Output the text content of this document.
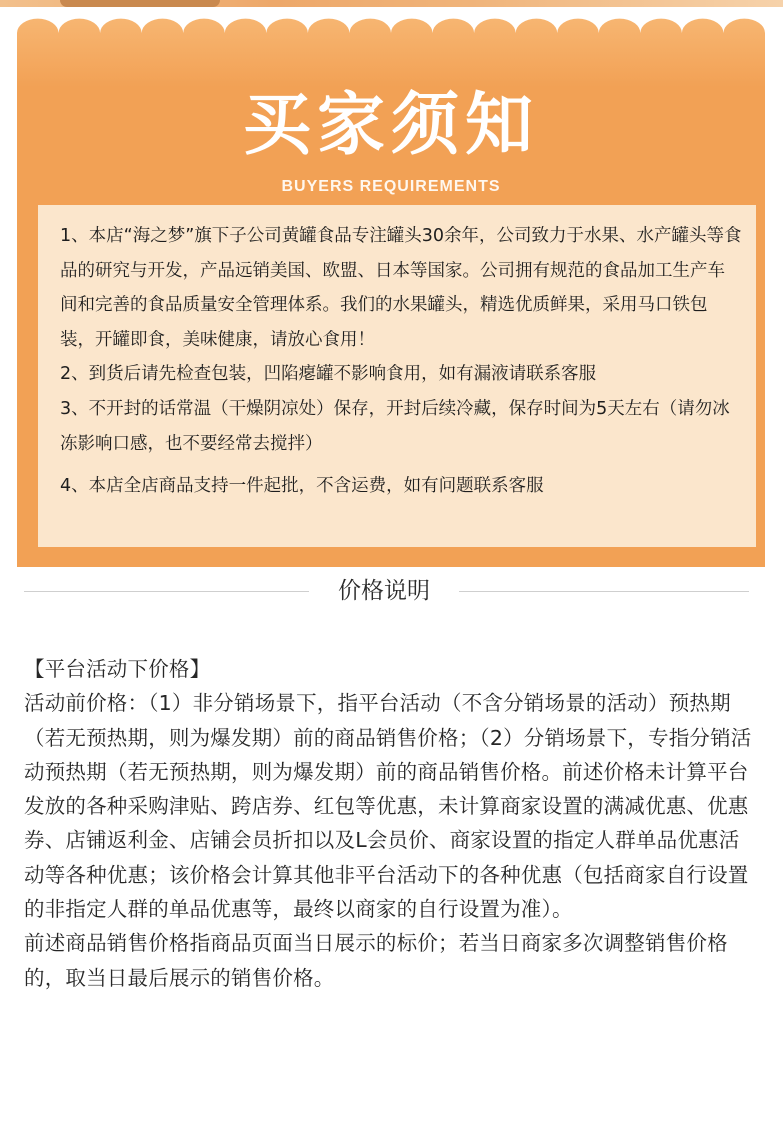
买家须知
BUYERS REQUIREMENTS

1、本店“海之梦”旗下子公司黄罐食品专注罐头30余年，公司致力于水果、水产罐头等食品的研究与开发，产品远销美国、欧盟、日本等国家。公司拥有规范的食品加工生产车间和完善的食品质量安全管理体系。我们的水果罐头，精选优质鲜果，采用马口铁包装，开罐即食，美味健康，请放心食用！

2、到货后请先检查包装，凹陷瘪罐不影响食用，如有漏液请联系客服

3、不开封的话常温（干燥阴凉处）保存，开封后续冷藏，保存时间为5天左右（请勿冰冻影响口感，也不要经常去搅拌）

4、本店全店商品支持一件起批，不含运费，如有问题联系客服

价格说明

【平台活动下价格】

活动前价格：（1）非分销场景下，指平台活动（不含分销场景的活动）预热期（若无预热期，则为爆发期）前的商品销售价格；（2）分销场景下，专指分销活动预热期（若无预热期，则为爆发期）前的商品销售价格。前述价格未计算平台发放的各种采购津贴、跨店券、红包等优惠，未计算商家设置的满减优惠、优惠券、店铺返利金、店铺会员折扣以及L会员价、商家设置的指定人群单品优惠活动等各种优惠；该价格会计算其他非平台活动下的各种优惠（包括商家自行设置的非指定人群的单品优惠等，最终以商家的自行设置为准）。

前述商品销售价格指商品页面当日展示的标价；若当日商家多次调整销售价格的，取当日最后展示的销售价格。
